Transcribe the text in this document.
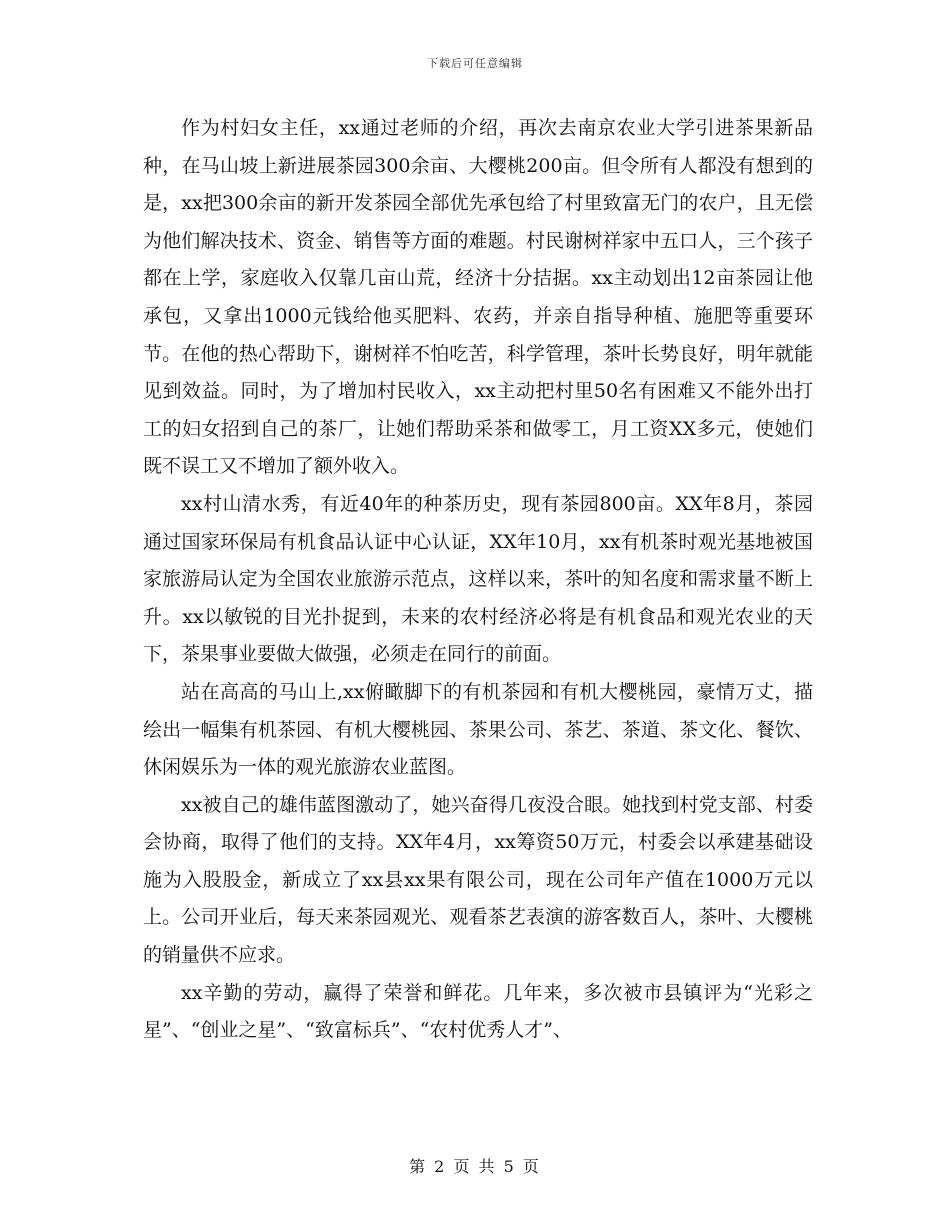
下载后可任意编辑

作为村妇女主任，xx通过老师的介绍，再次去南京农业大学引进茶果新品种，在马山坡上新进展茶园300余亩、大樱桃200亩。但令所有人都没有想到的是，xx把300余亩的新开发茶园全部优先承包给了村里致富无门的农户，且无偿为他们解决技术、资金、销售等方面的难题。村民谢树祥家中五口人，三个孩子都在上学，家庭收入仅靠几亩山荒，经济十分拮据。xx主动划出12亩茶园让他承包，又拿出1000元钱给他买肥料、农药，并亲自指导种植、施肥等重要环节。在他的热心帮助下，谢树祥不怕吃苦，科学管理，茶叶长势良好，明年就能见到效益。同时，为了增加村民收入，xx主动把村里50名有困难又不能外出打工的妇女招到自己的茶厂，让她们帮助采茶和做零工，月工资XX多元，使她们既不误工又不增加了额外收入。

xx村山清水秀，有近40年的种茶历史，现有茶园800亩。XX年8月，茶园通过国家环保局有机食品认证中心认证，XX年10月，xx有机茶时观光基地被国家旅游局认定为全国农业旅游示范点，这样以来，茶叶的知名度和需求量不断上升。xx以敏锐的目光扑捉到，未来的农村经济必将是有机食品和观光农业的天下，茶果事业要做大做强，必须走在同行的前面。

站在高高的马山上,xx俯瞰脚下的有机茶园和有机大樱桃园，豪情万丈，描绘出一幅集有机茶园、有机大樱桃园、茶果公司、茶艺、茶道、茶文化、餐饮、休闲娱乐为一体的观光旅游农业蓝图。

xx被自己的雄伟蓝图激动了，她兴奋得几夜没合眼。她找到村党支部、村委会协商，取得了他们的支持。XX年4月，xx筹资50万元，村委会以承建基础设施为入股股金，新成立了xx县xx果有限公司，现在公司年产值在1000万元以上。公司开业后，每天来茶园观光、观看茶艺表演的游客数百人，茶叶、大樱桃的销量供不应求。

xx辛勤的劳动，赢得了荣誉和鲜花。几年来，多次被市县镇评为“光彩之星”、“创业之星”、“致富标兵”、“农村优秀人才”、

第 2 页 共 5 页
